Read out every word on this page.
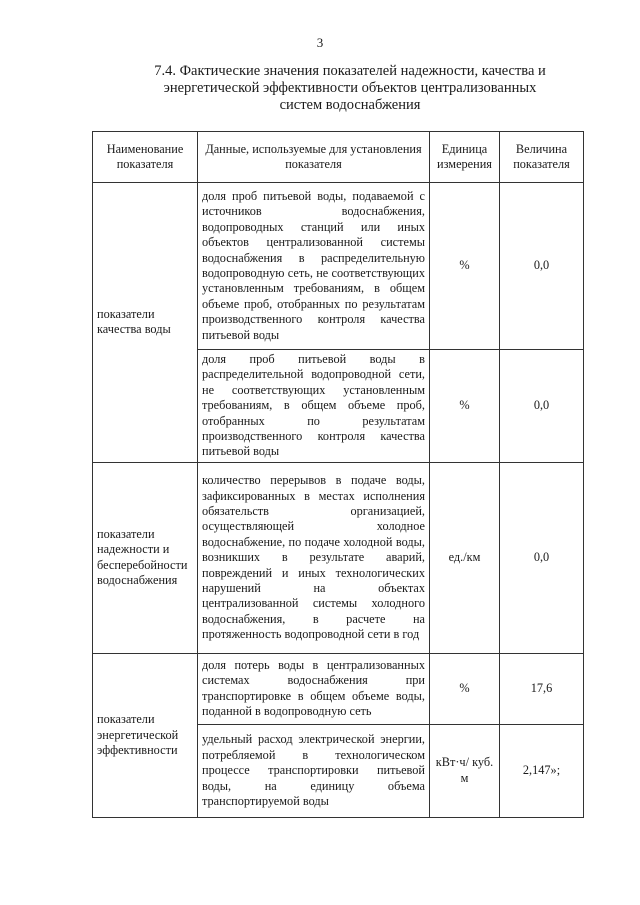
3
7.4. Фактические значения показателей надежности, качества и
энергетической эффективности объектов централизованных
систем водоснабжения
Наименование показателя	Данные, используемые для установления показателя	Единица измерения	Величина показателя
показатели качества воды	доля проб питьевой воды, подаваемой с источников водоснабжения, водопроводных станций или иных объектов централизованной системы водоснабжения в распределительную водопроводную сеть, не соответствующих установленным требованиям, в общем объеме проб, отобранных по результатам производственного контроля качества питьевой воды	%	0,0
	доля проб питьевой воды в распределительной водопроводной сети, не соответствующих установленным требованиям, в общем объеме проб, отобранных по результатам производственного контроля качества питьевой воды	%	0,0
показатели надежности и бесперебойности водоснабжения	количество перерывов в подаче воды, зафиксированных в местах исполнения обязательств организацией, осуществляющей холодное водоснабжение, по подаче холодной воды, возникших в результате аварий, повреждений и иных технологических нарушений на объектах централизованной системы холодного водоснабжения, в расчете на протяженность водопроводной сети в год	ед./км	0,0
показатели энергетической эффективности	доля потерь воды в централизованных системах водоснабжения при транспортировке в общем объеме воды, поданной в водопроводную сеть	%	17,6
	удельный расход электрической энергии, потребляемой в технологическом процессе транспортировки питьевой воды, на единицу объема транспортируемой воды	кВт·ч/ куб. м	2,147»;
